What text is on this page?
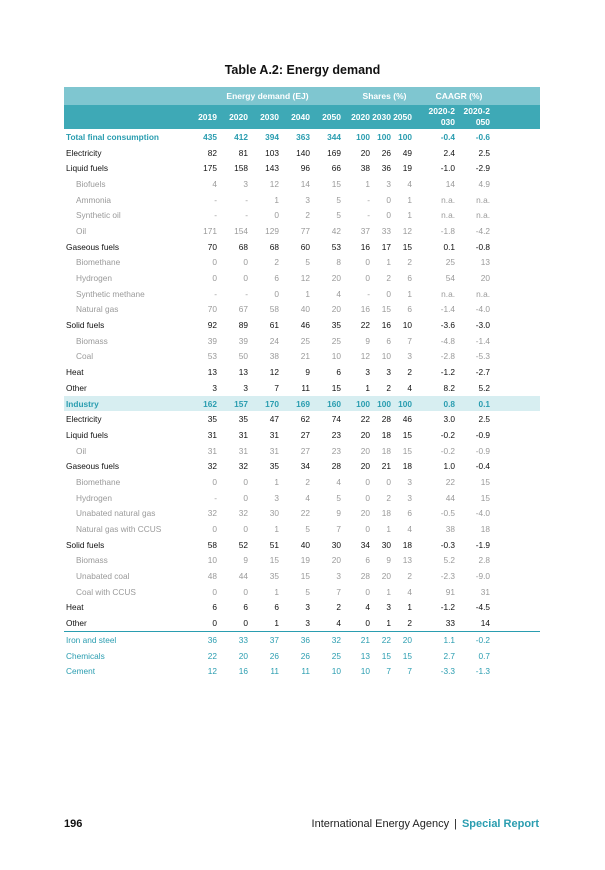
Table A.2: Energy demand
Energy demand (EJ)	Shares (%)	CAAGR (%)
2019	2020	2030	2040	2050	2020 2030 2050
2020-2030
2020-2050
Total final consumption	435	412	394	363	344	100 100 100	-0.4	-0.6
Electricity	82	81	103	140	169	20	26	49	2.4	2.5
Liquid fuels	175	158	143	96	66	38	36	19	-1.0	-2.9
Biofuels	4	3	12	14	15	1	3	4	14	4.9
Ammonia	-	-	1	3	5	-	0	1	n.a.	n.a.
Synthetic oil	-	-	0	2	5	-	0	1	n.a.	n.a.
Oil	171	154	129	77	42	37	33	12	-1.8	-4.2
Gaseous fuels	70	68	68	60	53	16	17	15	0.1	-0.8
Biomethane	0	0	2	5	8	0	1	2	25	13
Hydrogen	0	0	6	12	20	0	2	6	54	20
Synthetic methane	-	-	0	1	4	-	0	1	n.a.	n.a.
Natural gas	70	67	58	40	20	16	15	6	-1.4	-4.0
Solid fuels	92	89	61	46	35	22	16	10	-3.6	-3.0
Biomass	39	39	24	25	25	9	6	7	-4.8	-1.4
Coal	53	50	38	21	10	12	10	3	-2.8	-5.3
Heat	13	13	12	9	6	3	3	2	-1.2	-2.7
Other	3	3	7	11	15	1	2	4	8.2	5.2
Industry	162	157	170	169	160	100 100 100	0.8	0.1
Electricity	35	35	47	62	74	22	28	46	3.0	2.5
Liquid fuels	31	31	31	27	23	20	18	15	-0.2	-0.9
Oil	31	31	31	27	23	20	18	15	-0.2	-0.9
Gaseous fuels	32	32	35	34	28	20	21	18	1.0	-0.4
Biomethane	0	0	1	2	4	0	0	3	22	15
Hydrogen	-	0	3	4	5	0	2	3	44	15
Unabated natural gas	32	32	30	22	9	20	18	6	-0.5	-4.0
Natural gas with CCUS	0	0	1	5	7	0	1	4	38	18
Solid fuels	58	52	51	40	30	34	30	18	-0.3	-1.9
Biomass	10	9	15	19	20	6	9	13	5.2	2.8
Unabated coal	48	44	35	15	3	28	20	2	-2.3	-9.0
Coal with CCUS	0	0	1	5	7	0	1	4	91	31
Heat	6	6	6	3	2	4	3	1	-1.2	-4.5
Other	0	0	1	3	4	0	1	2	33	14
Iron and steel	36	33	37	36	32	21	22	20	1.1	-0.2
Chemicals	22	20	26	26	25	13	15	15	2.7	0.7
Cement	12	16	11	11	10	10	7	7	-3.3	-1.3
196	International Energy Agency | Special Report
